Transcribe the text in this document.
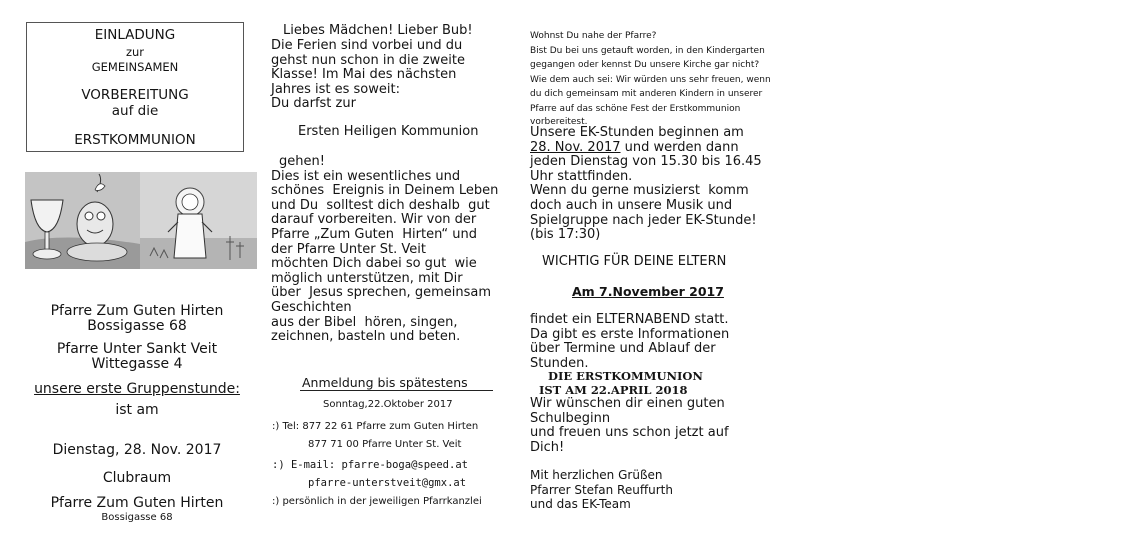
EINLADUNG
zur
GEMEINSAMEN
VORBEREITUNG
auf die
ERSTKOMMUNION
Pfarre Zum Guten Hirten
Bossigasse 68
Pfarre Unter Sankt Veit
Wittegasse 4
unsere erste Gruppenstunde:
ist am
Dienstag, 28. Nov. 2017
Clubraum
Pfarre Zum Guten Hirten
Bossigasse 68
Liebes Mädchen! Lieber Bub!
Die Ferien sind vorbei und du
gehst nun schon in die zweite
Klasse! Im Mai des nächsten
Jahres ist es soweit:
Du darfst zur
Ersten Heiligen Kommunion
gehen!
Dies ist ein wesentliches und
schönes  Ereignis in Deinem Leben
und Du  solltest dich deshalb  gut
darauf vorbereiten. Wir von der
Pfarre „Zum Guten  Hirten“ und
der Pfarre Unter St. Veit
möchten Dich dabei so gut  wie
möglich unterstützen, mit Dir
über  Jesus sprechen, gemeinsam
Geschichten
aus der Bibel  hören, singen,
zeichnen, basteln und beten.
Anmeldung bis spätestens
Sonntag,22.Oktober 2017
:) Tel: 877 22 61 Pfarre zum Guten Hirten
877 71 00 Pfarre Unter St. Veit
:) E-mail: pfarre-boga@speed.at
pfarre-unterstveit@gmx.at
:) persönlich in der jeweiligen Pfarrkanzlei
Wohnst Du nahe der Pfarre?
Bist Du bei uns getauft worden, in den Kindergarten
gegangen oder kennst Du unsere Kirche gar nicht?
Wie dem auch sei: Wir würden uns sehr freuen, wenn
du dich gemeinsam mit anderen Kindern in unserer
Pfarre auf das schöne Fest der Erstkommunion
vorbereitest.
Unsere EK-Stunden beginnen am
28. Nov. 2017 und werden dann
jeden Dienstag von 15.30 bis 16.45
Uhr stattfinden.
Wenn du gerne musizierst  komm
doch auch in unsere Musik und
Spielgruppe nach jeder EK-Stunde!
(bis 17:30)
WICHTIG FÜR DEINE ELTERN
Am 7.November 2017
findet ein ELTERNABEND statt.
Da gibt es erste Informationen
über Termine und Ablauf der
Stunden.
DIE ERSTKOMMUNION
IST AM 22.APRIL 2018
Wir wünschen dir einen guten
Schulbeginn
und freuen uns schon jetzt auf
Dich!
Mit herzlichen Grüßen
Pfarrer Stefan Reuffurth
und das EK-Team
